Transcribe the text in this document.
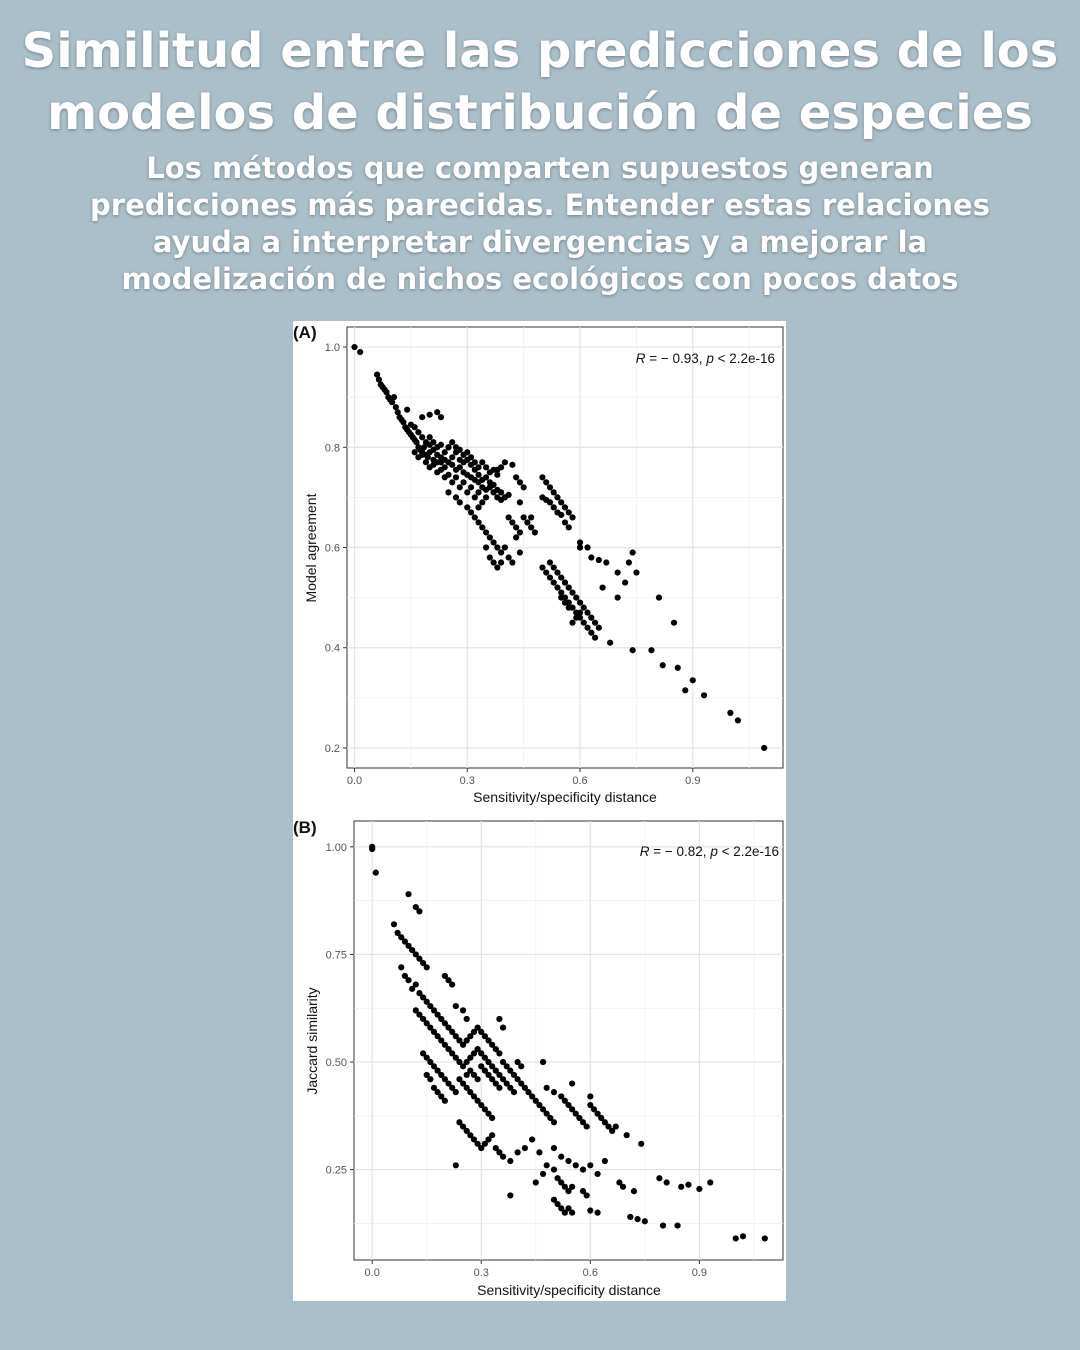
Similitud entre las predicciones de los modelos de distribución de especies
Los métodos que comparten supuestos generan predicciones más parecidas. Entender estas relaciones ayuda a interpretar divergencias y a mejorar la modelización de nichos ecológicos con pocos datos
(A)
0.0	0.3	0.6	0.9
0.2
0.4
0.6
0.8
1.0
R = − 0.93, p < 2.2e-16
Sensitivity/specificity distance
Model agreement
(B)
0.0	0.3	0.6	0.9
0.25
0.50
0.75
1.00	R = − 0.82, p < 2.2e-16
Sensitivity/specificity distance
Jaccard similarity
